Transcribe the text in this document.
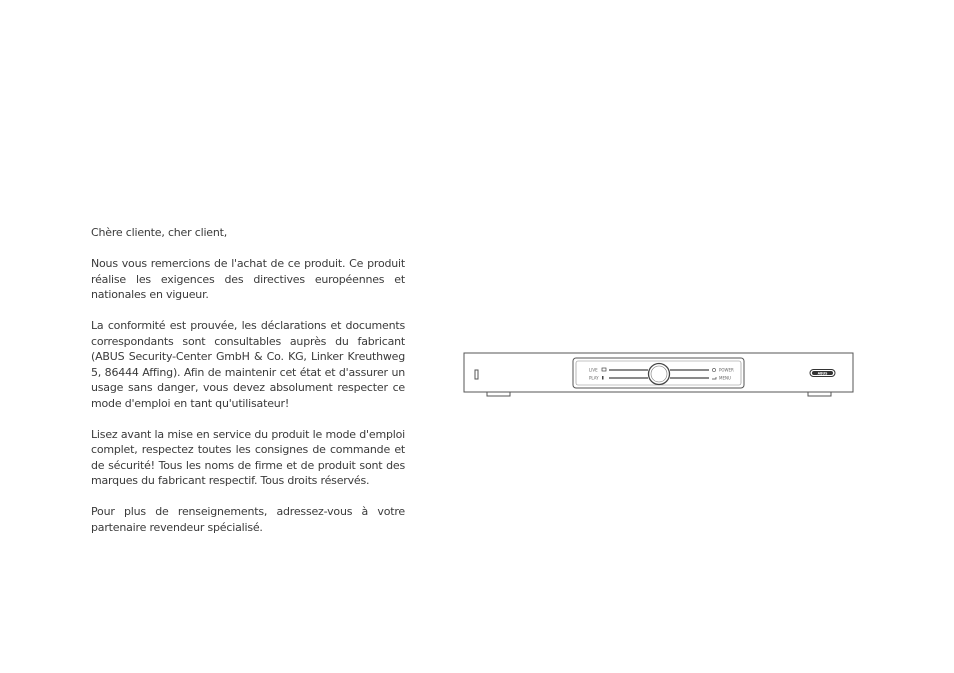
Chère cliente, cher client,

Nous vous remercions de l'achat de ce produit. Ce produit réalise les exigences des directives européennes et nationales en vigueur.

La conformité est prouvée, les déclarations et documents correspondants sont consultables auprès du fabricant (ABUS Security-Center GmbH & Co. KG, Linker Kreuthweg 5, 86444 Affing). Afin de maintenir cet état et d'assurer un usage sans danger, vous devez absolument respecter ce mode d'emploi en tant qu'utilisateur!

Lisez avant la mise en service du produit le mode d'emploi complet, respectez toutes les consignes de commande et de sécurité! Tous les noms de firme et de produit sont des marques du fabricant respectif. Tous droits réservés.

Pour plus de renseignements, adressez-vous à votre partenaire revendeur spécialisé.

LIVE
PLAY
POWER
MENU
ABUS
